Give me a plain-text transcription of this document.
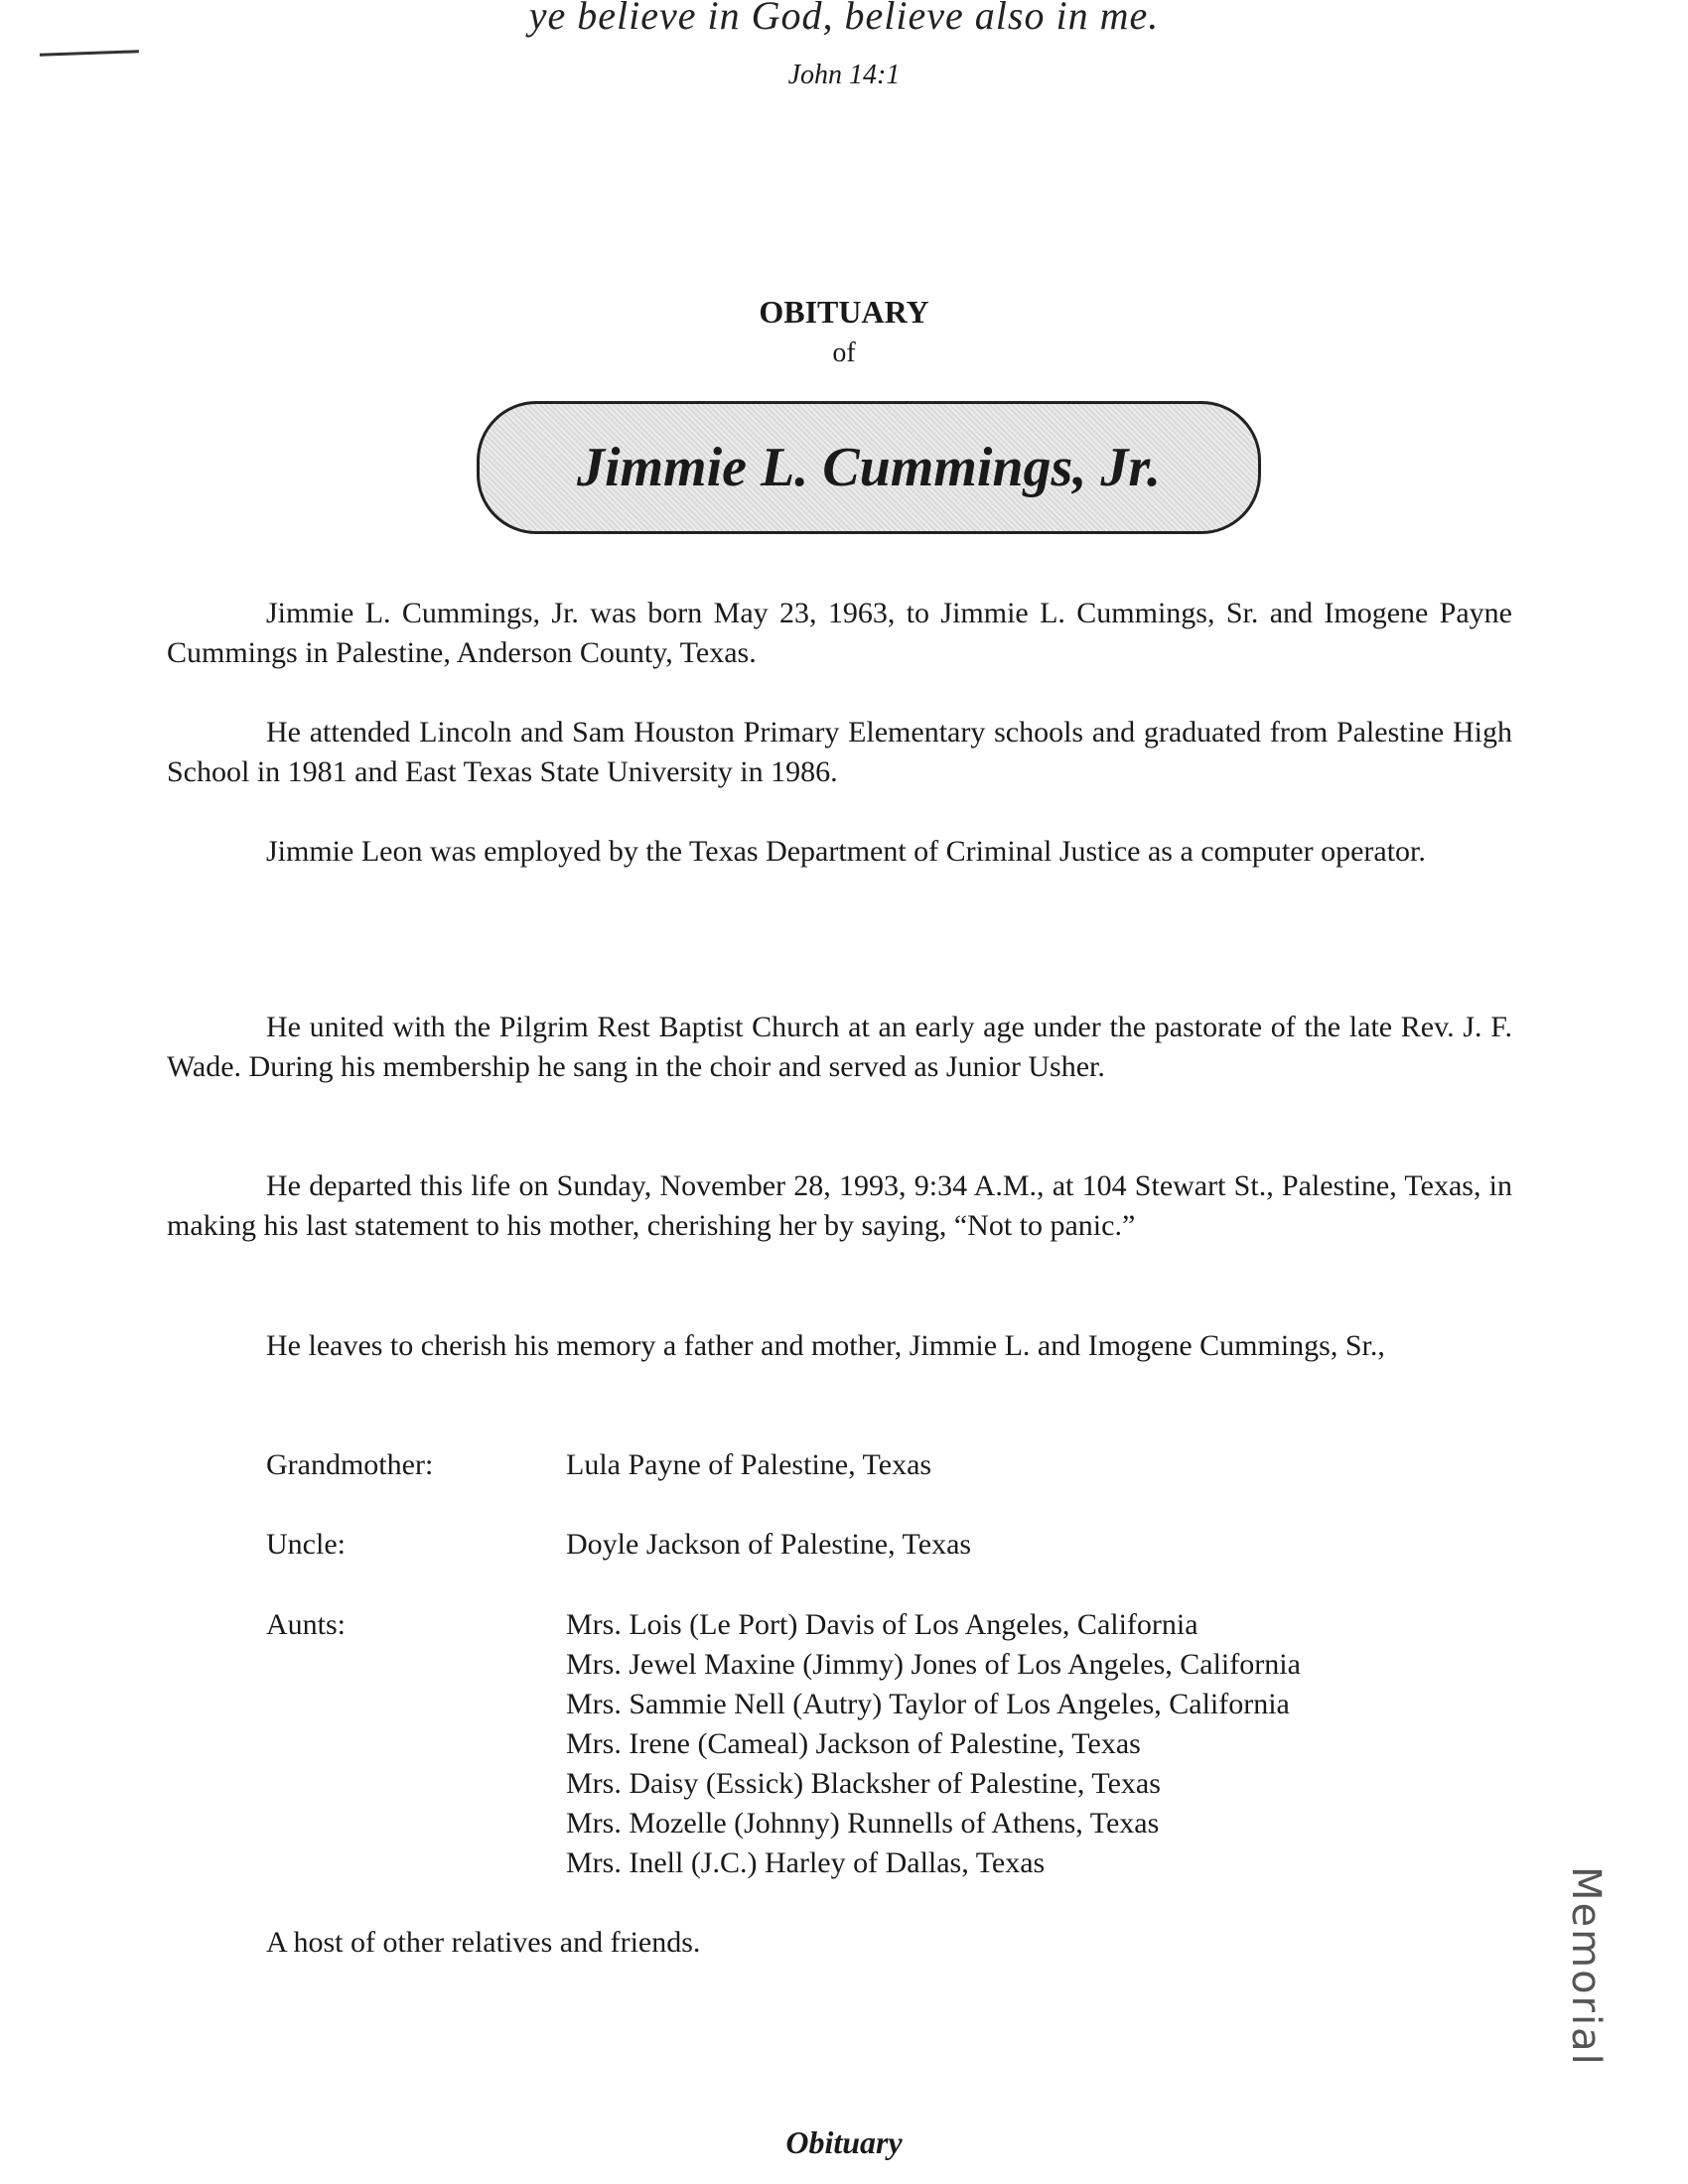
ye believe in God, believe also in me.
John 14:1
OBITUARY
of
Jimmie L. Cummings, Jr.

Jimmie L. Cummings, Jr. was born May 23, 1963, to Jimmie L. Cummings, Sr. and Imogene Payne Cummings in Palestine, Anderson County, Texas.

He attended Lincoln and Sam Houston Primary Elementary schools and graduated from Palestine High School in 1981 and East Texas State University in 1986.

Jimmie Leon was employed by the Texas Department of Criminal Justice as a computer operator.

He united with the Pilgrim Rest Baptist Church at an early age under the pastorate of the late Rev. J. F. Wade. During his membership he sang in the choir and served as Junior Usher.

He departed this life on Sunday, November 28, 1993, 9:34 A.M., at 104 Stewart St., Palestine, Texas, in making his last statement to his mother, cherishing her by saying, “Not to panic.”

He leaves to cherish his memory a father and mother, Jimmie L. and Imogene Cummings, Sr.,

Grandmother:	Lula Payne of Palestine, Texas
Uncle:	Doyle Jackson of Palestine, Texas
Aunts:	Mrs. Lois (Le Port) Davis of Los Angeles, California
Mrs. Jewel Maxine (Jimmy) Jones of Los Angeles, California
Mrs. Sammie Nell (Autry) Taylor of Los Angeles, California
Mrs. Irene (Cameal) Jackson of Palestine, Texas
Mrs. Daisy (Essick) Blacksher of Palestine, Texas
Mrs. Mozelle (Johnny) Runnells of Athens, Texas
Mrs. Inell (J.C.) Harley of Dallas, Texas
A host of other relatives and friends.
Obituary
Memorial
